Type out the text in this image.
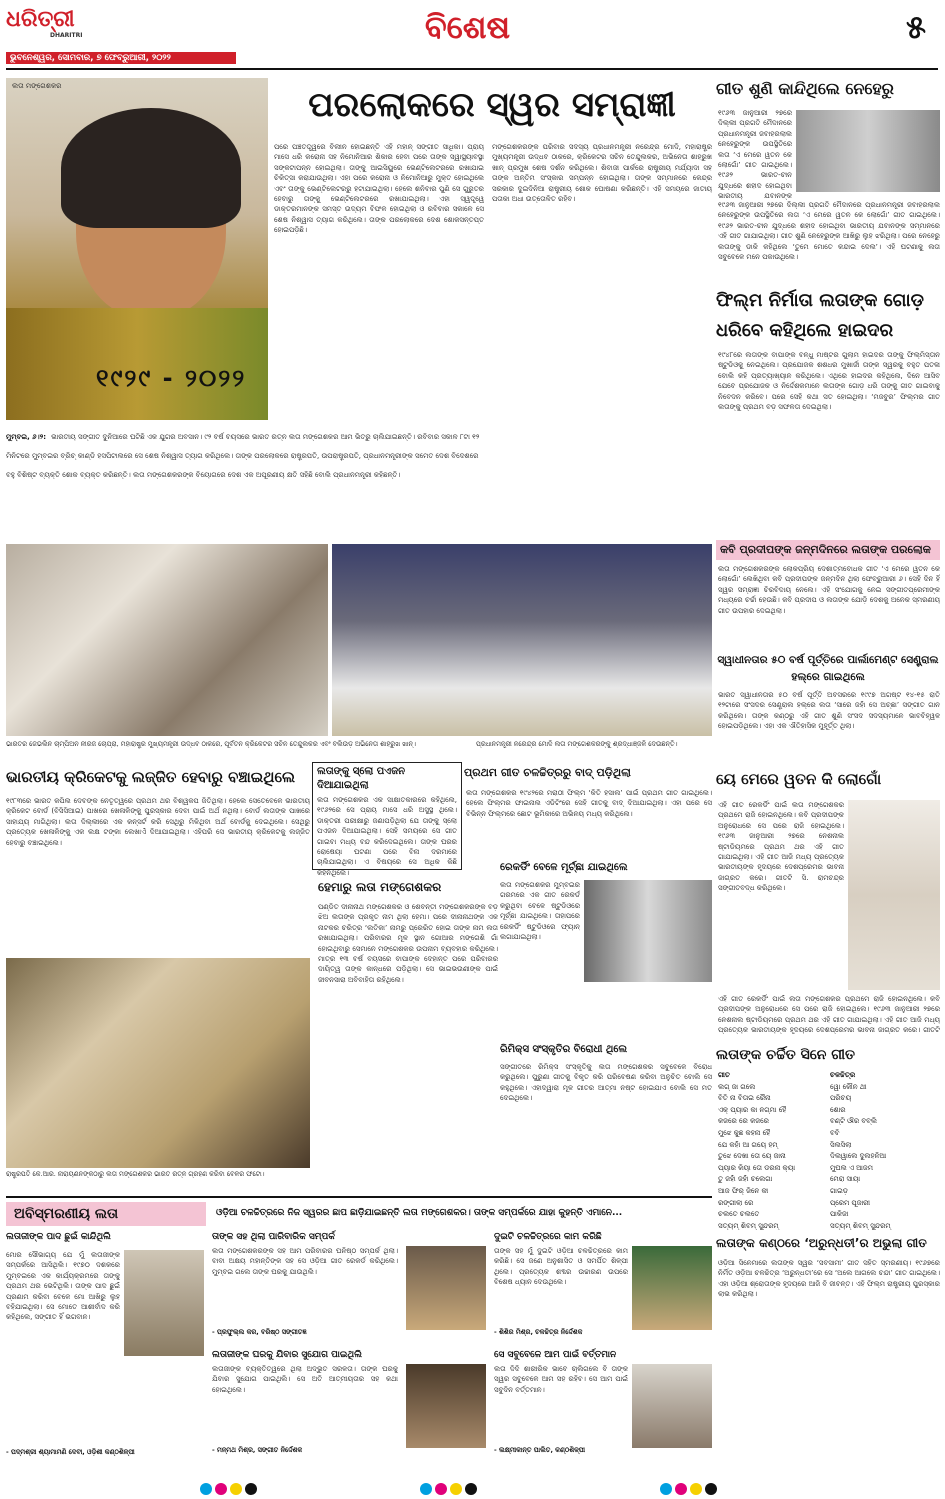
ଧରିତ୍ରୀ
DHARITRI
ଭୁବନେଶ୍ୱର, ସୋମବାର, ୭ ଫେବ୍ରୁଆରୀ, ୨୦୨୨
ବିଶେଷ	୫
ଲତା ମଙ୍ଗେଶକର
୧୯୨୯ - ୨୦୨୨
ପରଲୋକରେ ସ୍ୱର ସମ୍ରାଜ୍ଞୀ
ପରେ ପଞ୍ଚତତ୍ତ୍ୱରେ ବିଲୀନ ହୋଇଛନ୍ତି ଏହି ମହାନ୍ ସଙ୍ଗୀତ ସାଧିକା। ପ୍ରାୟ ମାସେ ଧରି କରୋନା ସହ ନିମୋନିଆର ଶିକାର ହେବା ପରେ ତାଙ୍କ ସ୍ୱାସ୍ଥ୍ୟାବସ୍ଥା ସଙ୍କଟାପନ୍ନ ହୋଇଥିଲା। ତାଙ୍କୁ ଆଇସିୟୁରେ ଭେଣ୍ଟିଲେଟରରେ ରଖାଯାଇ ଚିକିତ୍ସା କରାଯାଉଥିଲା। ଏହା ପରେ କରୋନା ଓ ନିମୋନିଆରୁ ମୁକ୍ତ ହୋଇଥିଲେ ଏବଂ ତାଙ୍କୁ ଭେଣ୍ଟିଲେଟରରୁ ହଟାଯାଇଥିଲା। ହେଲେ ଶନିବାର ପୁଣି ସେ ଗୁରୁତର ହେବାରୁ ତାଙ୍କୁ ଭେଣ୍ଟିଲେଟରରେ ରଖାଯାଇଥିଲା। ଏହା ସ୍ୱତ୍ତ୍ୱେ ଡାକ୍ତରମାନଙ୍କ ସମସ୍ତ ଉଦ୍ୟମ ବିଫଳ ହୋଇଥିଲା ଓ ରବିବାର ସକାଳେ ସେ ଶେଷ ନିଶ୍ୱାସ ତ୍ୟାଗ କରିଥିଲେ। ତାଙ୍କ ପରଲୋକରେ ଦେଶ ଶୋକସନ୍ତପ୍ତ ହୋଇପଡ଼ିଛି।
ମଙ୍ଗେଶକରଙ୍କ ପରିବାର ସଦସ୍ୟ ପ୍ରଧାନମନ୍ତ୍ରୀ ନରେନ୍ଦ୍ର ମୋଦି, ମହାରାଷ୍ଟ୍ର ମୁଖ୍ୟମନ୍ତ୍ରୀ ଉଦ୍ଧବ ଠାକରେ, କ୍ରିକେଟର ସଚିନ ତେନ୍ଦୁଲକର, ଅଭିନେତା ଶାହରୁଖ ଖାନ୍ ପ୍ରମୁଖ ଶେଷ ଦର୍ଶନ କରିଥିଲେ। ଶିବାଜୀ ପାର୍କରେ ରାଷ୍ଟ୍ରୀୟ ମର୍ଯ୍ୟାଦା ସହ ତାଙ୍କ ଅନ୍ତିମ ସଂସ୍କାର ସମ୍ପନ୍ନ ହୋଇଥିଲା। ତାଙ୍କ ସମ୍ମାନରେ କେନ୍ଦ୍ର ସରକାର ଦୁଇଦିନିଆ ରାଷ୍ଟ୍ରୀୟ ଶୋକ ଘୋଷଣା କରିଛନ୍ତି। ଏହି ସମୟରେ ଜାତୀୟ ପତାକା ଅଧା ଉତ୍ତୋଳିତ ରହିବ।
ମୁମ୍ବଇ, ୬।୨: ଭାରତୀୟ ସଙ୍ଗୀତ ଦୁନିଆରେ ଘଟିଛି ଏକ ଯୁଗର ଅବସାନ। ୯୨ ବର୍ଷ ବୟସରେ ଭାରତ ରତ୍ନ ଲତା ମଙ୍ଗେଶକର ଆମ ଭିତରୁ ଚାଲିଯାଇଛନ୍ତି। ରବିବାର ସକାଳ ୮ଟା ୧୨ ମିନିଟରେ ମୁମ୍ବଇର ବ୍ରିଚ୍ କାଣ୍ଡି ହସପିଟାଲରେ ସେ ଶେଷ ନିଶ୍ୱାସ ତ୍ୟାଗ କରିଥିଲେ। ତାଙ୍କ ପରଲୋକରେ ରାଷ୍ଟ୍ରପତି, ଉପରାଷ୍ଟ୍ରପତି, ପ୍ରଧାନମନ୍ତ୍ରୀଙ୍କ ସମେତ ଦେଶ ବିଦେଶରେ ବହୁ ବିଶିଷ୍ଟ ବ୍ୟକ୍ତି ଶୋକ ବ୍ୟକ୍ତ କରିଛନ୍ତି। ଲତା ମଙ୍ଗେଶକରଙ୍କ ବିୟୋଗରେ ଦେଶ ଏକ ଅପୂରଣୀୟ କ୍ଷତି ସହିଛି ବୋଲି ପ୍ରଧାନମନ୍ତ୍ରୀ କହିଛନ୍ତି।
ଗୀତ ଶୁଣି କାନ୍ଦିଥିଲେ ନେହେରୁ
୧୯୬୩ ଜାନୁଆରୀ ୨୭ରେ ଦିଲ୍ଲୀ ପ୍ରଗତି ମୈଦାନରେ ପ୍ରଧାନମନ୍ତ୍ରୀ ଜବାହରଲାଲ ନେହେରୁଙ୍କ ଉପସ୍ଥିତିରେ ଲତା ‘ଏ ମେରେ ୱତନ କେ ଲୋଗୋଁ’ ଗୀତ ଗାଇଥିଲେ। ୧୯୬୨ ଭାରତ-ଚୀନ ଯୁଦ୍ଧରେ ଶହୀଦ ହୋଇଥିବା ଭାରତୀୟ ଯବାନଙ୍କ
୧୯୬୩ ଜାନୁଆରୀ ୨୭ରେ ଦିଲ୍ଲୀ ପ୍ରଗତି ମୈଦାନରେ ପ୍ରଧାନମନ୍ତ୍ରୀ ଜବାହରଲାଲ ନେହେରୁଙ୍କ ଉପସ୍ଥିତିରେ ଲତା ‘ଏ ମେରେ ୱତନ କେ ଲୋଗୋଁ’ ଗୀତ ଗାଇଥିଲେ। ୧୯୬୨ ଭାରତ-ଚୀନ ଯୁଦ୍ଧରେ ଶହୀଦ ହୋଇଥିବା ଭାରତୀୟ ଯବାନଙ୍କ ସମ୍ମାନରେ ଏହି ଗୀତ ଗାଯାଇଥିଲା। ଗୀତ ଶୁଣି ନେହେରୁଙ୍କ ଆଖିରୁ ଲୁହ ଝରିଥିଲା। ପରେ ନେହେରୁ ଲତାଙ୍କୁ ଡାକି କହିଥିଲେ ‘ତୁମେ ମୋତେ କନ୍ଦାଇ ଦେଲ’। ଏହି ଘଟଣାକୁ ଲତା ସବୁବେଳେ ମନେ ପକାଉଥିଲେ।
ଫିଲ୍ମ ନିର୍ମାତା ଲତାଙ୍କ ଗୋଡ଼ ଧରିବେ କହିଥିଲେ ହାଇଦର
୧୯୪୮ରେ ଲତାଙ୍କ ବାପାଙ୍କ ବନ୍ଧୁ ମାଷ୍ଟର ଗୁଲାମ ହାଇଦର ତାଙ୍କୁ ଫିଲ୍ମିସ୍ତାନ ଷ୍ଟୁଡିଓକୁ ନେଇଥିଲେ। ପ୍ରଯୋଜକ ଶଶଧର ମୁଖାର୍ଜୀ ତାଙ୍କ ସ୍ୱରକୁ ବହୁତ ପତଳା ବୋଲି କହି ପ୍ରତ୍ୟାଖ୍ୟାନ କରିଥିଲେ। ଏଥିରେ ହାଇଦର କହିଥିଲେ, ଦିନେ ଆସିବ ଯେବେ ପ୍ରଯୋଜକ ଓ ନିର୍ଦ୍ଦେଶକମାନେ ଲତାଙ୍କ ଗୋଡ଼ ଧରି ତାଙ୍କୁ ଗୀତ ଗାଇବାକୁ ନିବେଦନ କରିବେ। ପରେ ସେହି କଥା ସତ ହୋଇଥିଲା। ‘ମଜବୁର’ ଫିଲ୍ମର ଗୀତ ଲତାଙ୍କୁ ପ୍ରଥମ ବଡ଼ ସଫଳତା ଦେଇଥିଲା।
ଭାରତର ଜେଭଲିନ ଚାମ୍ପିଅନ ନୀରଜ ଚୋପ୍ରା, ମହାରାଷ୍ଟ୍ର ମୁଖ୍ୟମନ୍ତ୍ରୀ ଉଦ୍ଧବ ଠାକରେ, ପୂର୍ବତନ କ୍ରିକେଟର ସଚିନ ତେନ୍ଦୁଲକର ଏବଂ ବଲିଉଡ଼ ଅଭିନେତା ଶାହରୁଖ ଖାନ୍।	ପ୍ରଧାନମନ୍ତ୍ରୀ ନରେନ୍ଦ୍ର ମୋଦି ଲତା ମଙ୍ଗେଶକରଙ୍କୁ ଶ୍ରଦ୍ଧାଞ୍ଜଳି ଦେଉଛନ୍ତି।
କବି ପ୍ରଦୀପଙ୍କ ଜନ୍ମଦିନରେ ଲତାଙ୍କ ପରଲୋକ
ଲତା ମଙ୍ଗେଶକରଙ୍କ ଲୋକପ୍ରିୟ ଦେଶାତ୍ମବୋଧକ ଗୀତ ‘ଏ ମେରେ ୱତନ କେ ଲୋଗୋଁ’ ଲେଖିଥିବା କବି ପ୍ରଦୀପଙ୍କ ଜନ୍ମଦିନ ଥିଲା ଫେବ୍ରୁଆରୀ ୬। ସେହି ଦିନ ହିଁ ସ୍ୱର ସମ୍ରାଜ୍ଞୀ ଚିରବିଦାୟ ନେଲେ। ଏହି ସଂଯୋଗକୁ ନେଇ ସଙ୍ଗୀତପ୍ରେମୀଙ୍କ ମଧ୍ୟରେ ଚର୍ଚ୍ଚା ହେଉଛି। କବି ପ୍ରଦୀପ ଓ ଲତାଙ୍କ ଯୋଡ଼ି ଦେଶକୁ ଅନେକ ସ୍ମରଣୀୟ ଗୀତ ଉପହାର ଦେଇଥିଲା।
ସ୍ୱାଧୀନତାର ୫୦ ବର୍ଷ ପୂର୍ତ୍ତିରେ ପାର୍ଲାମେଣ୍ଟ ସେଣ୍ଟ୍ରାଲ ହଲ୍‌ରେ ଗାଇଥିଲେ
ଭାରତ ସ୍ୱାଧୀନତାର ୫୦ ବର୍ଷ ପୂର୍ତ୍ତି ଅବସରରେ ୧୯୯୭ ଅଗଷ୍ଟ ୧୪-୧୫ ରାତି ୧୨ଟାରେ ସଂସଦର ସେଣ୍ଟ୍ରାଲ ହଲ୍‌ରେ ଲତା ‘ସାରେ ଜହାଁ ସେ ଅଚ୍ଛା’ ସଙ୍ଗୀତ ଗାନ କରିଥିଲେ। ତାଙ୍କ କଣ୍ଠରୁ ଏହି ଗୀତ ଶୁଣି ସଂସଦ ସଦସ୍ୟମାନେ ଭାବବିହ୍ୱଳ ହୋଇପଡ଼ିଥିଲେ। ଏହା ଏକ ଐତିହାସିକ ମୁହୂର୍ତ୍ତ ଥିଲା।
ଭାରତୀୟ କ୍ରିକେଟକୁ ଲଜ୍ଜିତ ହେବାରୁ ବଞ୍ଚାଇଥିଲେ
୧୯୮୩ରେ ଭାରତ କପିଲ ଦେବଙ୍କ ନେତୃତ୍ୱରେ ପ୍ରଥମ ଥର ବିଶ୍ୱକପ ଜିତିଥିଲା। ହେଲେ ସେତେବେଳେ ଭାରତୀୟ କ୍ରିକେଟ ବୋର୍ଡ (ବିସିସିଆଇ) ପାଖରେ ଖେଳାଳିଙ୍କୁ ପୁରସ୍କାର ଦେବା ପାଇଁ ଅର୍ଥ ନଥିଲା। ବୋର୍ଡ ଲତାଙ୍କ ପାଖରେ ସାହାଯ୍ୟ ମାଗିଥିଲା। ଲତା ଦିଲ୍ଲୀରେ ଏକ କନ୍‌ସର୍ଟ କରି ସେଥିରୁ ମିଳିଥିବା ଅର୍ଥ ବୋର୍ଡକୁ ଦେଇଥିଲେ। ସେଥିରୁ ପ୍ରତ୍ୟେକ ଖେଳାଳିଙ୍କୁ ଏକ ଲକ୍ଷ ଟଙ୍କା ଲେଖାଏଁ ଦିଆଯାଇଥିଲା। ଏହିପରି ସେ ଭାରତୀୟ କ୍ରିକେଟକୁ ଲଜ୍ଜିତ ହେବାରୁ ବଞ୍ଚାଇଥିଲେ।
ରାଷ୍ଟ୍ରପତି କେ.ଆର. ନାରାୟଣନଙ୍କଠାରୁ ଲତା ମଙ୍ଗେଶକର ଭାରତ ରତ୍ନ ଗ୍ରହଣ କରିବା ବେଳର ଫଟୋ।
ଲତାଙ୍କୁ ସ୍ଲୋ ପଏଜନ ଦିଆଯାଇଥିଲା
ଲତା ମଙ୍ଗେଶକର ଏକ ସାକ୍ଷାତକାରରେ କହିଥିଲେ, ୧୯୬୨ରେ ସେ ପ୍ରାୟ ମାସେ ଧରି ଅସୁସ୍ଥ ଥିଲେ। ଡାକ୍ତରୀ ପରୀକ୍ଷାରୁ ଜଣାପଡ଼ିଥିଲା ଯେ ତାଙ୍କୁ ସ୍ଲୋ ପଏଜନ ଦିଆଯାଇଥିଲା। ସେହି ସମୟରେ ସେ ଗୀତ ଗାଇବା ମଧ୍ୟ ବନ୍ଦ କରିଦେଇଥିଲେ। ତାଙ୍କ ଘରର ରୋଷେୟା ଘଟଣା ପରେ ବିନା ଦରମାରେ ଚାଲିଯାଇଥିଲା। ଏ ବିଷୟରେ ସେ ଅଧିକ କିଛି କହିନଥିଲେ।
ହେମାରୁ ଲତା ମଙ୍ଗେଶକର
ପଣ୍ଡିତ ଦୀନାନାଥ ମଙ୍ଗେଶକର ଓ ଶେବନ୍ତୀ ମଙ୍ଗେଶକରଙ୍କ ବଡ଼ ଝିଅ ଲତାଙ୍କ ପ୍ରକୃତ ନାମ ଥିଲା ହେମା। ପରେ ଦୀନାନାଥଙ୍କ ଏକ ନାଟକର ଚରିତ୍ର ‘ଲତିକା’ ନାମରୁ ପ୍ରେରିତ ହୋଇ ତାଙ୍କ ନାମ ଲତା ରଖାଯାଇଥିଲା। ପରିବାରର ମୂଳ ସ୍ଥାନ ଗୋଆର ମଙ୍ଗେଶି ଗାଁ ହୋଇଥିବାରୁ ସେମାନେ ମଙ୍ଗେଶକର ଉପନାମ ବ୍ୟବହାର କରିଥିଲେ। ମାତ୍ର ୧୩ ବର୍ଷ ବୟସରେ ବାପାଙ୍କ ଦେହାନ୍ତ ପରେ ପରିବାରର ଦାୟିତ୍ୱ ତାଙ୍କ କାନ୍ଧରେ ପଡ଼ିଥିଲା। ସେ ଭାଇଭଉଣୀଙ୍କ ପାଇଁ ଜୀବନସାରା ଅବିବାହିତା ରହିଥିଲେ।
ପ୍ରଥମ ଗୀତ ଚଳଚ୍ଚିତ୍ରରୁ ବାଦ୍ ପଡ଼ିଥିଲା
ଲତା ମଙ୍ଗେଶକର ୧୯୪୨ରେ ମରାଠୀ ଫିଲ୍ମ ‘କିତି ହସାଲ’ ପାଇଁ ପ୍ରଥମ ଗୀତ ଗାଇଥିଲେ। ହେଲେ ଫିଲ୍ମର ଫାଇନାଲ ଏଡିଟିଂରେ ସେହି ଗୀତକୁ ବାଦ୍ ଦିଆଯାଇଥିଲା। ଏହା ପରେ ସେ ବିଭିନ୍ନ ଫିଲ୍ମରେ ଛୋଟ ଭୂମିକାରେ ଅଭିନୟ ମଧ୍ୟ କରିଥିଲେ।
ରେକର୍ଡିଂ ବେଳେ ମୂର୍ଚ୍ଛା ଯାଇଥିଲେ
ଲତା ମଙ୍ଗେଶକର ମୁମ୍ବଇର ଗରମରେ ଏକ ଗୀତ ରେକର୍ଡ କରୁଥିବା ବେଳେ ଷ୍ଟୁଡିଓରେ ମୂର୍ଚ୍ଛା ଯାଇଥିଲେ। ତାହାପରେ ରେକର୍ଡିଂ ଷ୍ଟୁଡିଓରେ ଫ୍ୟାନ୍ ଲଗାଯାଇଥିଲା।
ରିମିକ୍ସ ସଂସ୍କୃତିର ବିରୋଧୀ ଥିଲେ
ସଙ୍ଗୀତରେ ରିମିକ୍ସ ସଂସ୍କୃତିକୁ ଲତା ମଙ୍ଗେଶକର ସବୁବେଳେ ବିରୋଧ କରୁଥିଲେ। ପୁରୁଣା ଗୀତକୁ ବିକୃତ କରି ପରିବେଷଣ କରିବା ଅନୁଚିତ ବୋଲି ସେ କହୁଥିଲେ। ଏହାଦ୍ୱାରା ମୂଳ ଗୀତର ଆତ୍ମା ନଷ୍ଟ ହୋଇଯାଏ ବୋଲି ସେ ମତ ଦେଇଥିଲେ।
ୟେ ମେରେ ୱତନ କି ଲୋଗୋଁ
ଏହି ଗୀତ ରେକର୍ଡିଂ ପାଇଁ ଲତା ମଙ୍ଗେଶକର ପ୍ରଥମେ ରାଜି ହୋଇନଥିଲେ। କବି ପ୍ରଦୀପଙ୍କ ଅନୁରୋଧରେ ସେ ପରେ ରାଜି ହୋଇଥିଲେ। ୧୯୬୩ ଜାନୁଆରୀ ୨୭ରେ ନେଶନାଲ ଷ୍ଟାଡିୟମରେ ପ୍ରଥମ ଥର ଏହି ଗୀତ ଗାଯାଇଥିଲା। ଏହି ଗୀତ ଆଜି ମଧ୍ୟ ପ୍ରତ୍ୟେକ ଭାରତୀୟଙ୍କ ହୃଦୟରେ ଦେଶପ୍ରେମର ଭାବନା ଜାଗ୍ରତ କରେ। ଗୀତଟି ସି. ରାମଚନ୍ଦ୍ର ସଙ୍ଗୀତବଦ୍ଧ କରିଥିଲେ।
ଏହି ଗୀତ ରେକର୍ଡିଂ ପାଇଁ ଲତା ମଙ୍ଗେଶକର ପ୍ରଥମେ ରାଜି ହୋଇନଥିଲେ। କବି ପ୍ରଦୀପଙ୍କ ଅନୁରୋଧରେ ସେ ପରେ ରାଜି ହୋଇଥିଲେ। ୧୯୬୩ ଜାନୁଆରୀ ୨୭ରେ ନେଶନାଲ ଷ୍ଟାଡିୟମରେ ପ୍ରଥମ ଥର ଏହି ଗୀତ ଗାଯାଇଥିଲା। ଏହି ଗୀତ ଆଜି ମଧ୍ୟ ପ୍ରତ୍ୟେକ ଭାରତୀୟଙ୍କ ହୃଦୟରେ ଦେଶପ୍ରେମର ଭାବନା ଜାଗ୍ରତ କରେ। ଗୀତଟି
ଲତାଙ୍କ ଚର୍ଚ୍ଚିତ ସିନେ ଗୀତ
ଗୀତ	ଚଳଚ୍ଚିତ୍ର
ଲଗ୍ ଜା ଗଲେ	ୱୋ କୌନ ଥୀ
ବିତି ନା ବିତାଇ ରୈନା	ପରିଚୟ
ଏକ୍ ପ୍ୟାର କା ନଗ୍‌ମା ହୈ	ଶୋର
କଜରେ ରେ କଜରେ	ବଣ୍ଟି ଔର ବବ୍‌ଲି
ମୁଝେ କୁଛ କହନା ହୈ	ବବି
ଯେ କହାଁ ଆ ଗୟେ ହମ୍	ସିଲସିଲା
ତୁଝେ ଦେଖା ତୋ ୟେ ଜାନା	ଦିଲୱାଲେ ଦୁଲହନିଆ
ପ୍ୟାର କିୟା ତୋ ଡରନା କ୍ୟା	ମୁଘଲ ଏ ଆଜମ
ତୁ ଜହାଁ ଜହାଁ ଚଲେଗା	ମେରା ସାୟା
ଆଜ ଫିର୍ ଜିନେ କୀ	ଗାଇଡ଼
ରଙ୍ଗୀଲା ରେ	ପ୍ରେମ ପୂଜାରୀ
ଚଲତେ ଚଲତେ	ପାକିଜା
ସତ୍ୟମ୍ ଶିବମ୍ ସୁନ୍ଦରମ୍	ସତ୍ୟମ୍ ଶିବମ୍ ସୁନ୍ଦରମ୍
ଲତାଙ୍କ କଣ୍ଠରେ ‘ଅରୁନ୍ଧତୀ’ର ଅଭୁଲା ଗୀତ
ଓଡ଼ିଆ ସିନେମାରେ ଲତାଙ୍କ ସ୍ୱର ‘ସବସାମୀ’ ଗୀତ ସହିତ ସ୍ମରଣୀୟ। ୧୯୬୭ରେ ନିର୍ମିତ ଓଡ଼ିଆ ଚଳଚ୍ଚିତ୍ର ‘ଅରୁନ୍ଧତୀ’ରେ ସେ ‘ଅଲେ ଆଗଲେ ଚନ୍ଦା’ ଗୀତ ଗାଇଥିଲେ। ଏହା ଓଡ଼ିଆ ଶ୍ରୋତାଙ୍କ ହୃଦୟରେ ଆଜି ବି ଜୀବନ୍ତ। ଏହି ଫିଲ୍ମ ରାଷ୍ଟ୍ରୀୟ ପୁରସ୍କାର ଲାଭ କରିଥିଲା।
ଅବିସ୍ମରଣୀୟ ଲତା	ଓଡ଼ିଆ ଚଳଚ୍ଚିତ୍ରରେ ନିଜ ସ୍ୱରର ଛାପ ଛାଡ଼ିଯାଇଛନ୍ତି ଲତା ମଙ୍ଗେଶକର। ତାଙ୍କ ସମ୍ପର୍କରେ ଯାହା କୁହନ୍ତି ଏମାନେ...
ଲତାଜୀଙ୍କ ପାଦ ଛୁଇଁ କାନ୍ଦିଥିଲି
ମୋର ସୌଭାଗ୍ୟ ଯେ ମୁଁ ଲତାଜୀଙ୍କ ସମ୍ପର୍କରେ ଆସିଥିଲି। ୧୯୭୦ ଦଶକରେ ମୁମ୍ବଇରେ ଏକ କାର୍ଯ୍ୟକ୍ରମରେ ତାଙ୍କୁ ପ୍ରଥମ ଥର ଭେଟିଥିଲି। ତାଙ୍କ ପାଦ ଛୁଇଁ ପ୍ରଣାମ କରିବା ବେଳେ ମୋ ଆଖିରୁ ଲୁହ ବହିଯାଇଥିଲା। ସେ ମୋତେ ଆଶୀର୍ବାଦ କରି କହିଥିଲେ, ସଙ୍ଗୀତ ହିଁ ଭଗବାନ।
- ପଦ୍ମଶ୍ରୀ ଶ୍ୟାମାମଣି ଦେବୀ, ଓଡ଼ିଶୀ କଣ୍ଠଶିଳ୍ପୀ
ତାଙ୍କ ସହ ଥିଲା ପାରିବାରିକ ସମ୍ପର୍କ
ଲତା ମଙ୍ଗେଶକରଙ୍କ ସହ ଆମ ପରିବାରର ଘନିଷ୍ଠ ସମ୍ପର୍କ ଥିଲା। ବାବା ଅକ୍ଷୟ ମହାନ୍ତିଙ୍କ ସହ ସେ ଓଡ଼ିଆ ଗୀତ ରେକର୍ଡ କରିଥିଲେ। ମୁମ୍ବଇ ଗଲେ ତାଙ୍କ ଘରକୁ ଯାଉଥିଲି।
- ପ୍ରଫୁଲ୍ଲ କର, ବରିଷ୍ଠ ସଙ୍ଗୀତଜ୍ଞ
ଲତାଜୀଙ୍କ ଘରକୁ ଯିବାର ସୁଯୋଗ ପାଇଥିଲି
ଲତାଜୀଙ୍କ ବ୍ୟକ୍ତିତ୍ୱରେ ଥିଲା ଅଦ୍ଭୁତ ସରଳତା। ତାଙ୍କ ଘରକୁ ଯିବାର ସୁଯୋଗ ପାଇଥିଲି। ସେ ଅତି ଆତ୍ମୀୟତାର ସହ କଥା ହୋଇଥିଲେ।
- ମନ୍ମଥ ମିଶ୍ର, ସଙ୍ଗୀତ ନିର୍ଦ୍ଦେଶକ
ଦୁଇଟି ଚଳଚ୍ଚିତ୍ରରେ କାମ କରିଛି
ତାଙ୍କ ସହ ମୁଁ ଦୁଇଟି ଓଡ଼ିଆ ଚଳଚ୍ଚିତ୍ରରେ କାମ କରିଛି। ସେ ଜଣେ ଅନୁଶାସିତ ଓ ସମର୍ପିତ ଶିଳ୍ପୀ ଥିଲେ। ପ୍ରତ୍ୟେକ ଶବ୍ଦର ଉଚ୍ଚାରଣ ଉପରେ ବିଶେଷ ଧ୍ୟାନ ଦେଉଥିଲେ।
- ଶିଶିର ମିଶ୍ର, ଚଳଚ୍ଚିତ୍ର ନିର୍ଦ୍ଦେଶକ
ସେ ସବୁବେଳେ ଆମ ପାଇଁ ବର୍ତ୍ତମାନ
ଲତା ଦିଦି ଶାରୀରିକ ଭାବେ ଚାଲିଗଲେ ବି ତାଙ୍କ ସ୍ୱର ସବୁବେଳେ ଆମ ସହ ରହିବ। ସେ ଆମ ପାଇଁ ସବୁଦିନ ବର୍ତ୍ତମାନ।
- ଲକ୍ଷ୍ମୀକାନ୍ତ ପାଲିତ, କଣ୍ଠଶିଳ୍ପୀ
